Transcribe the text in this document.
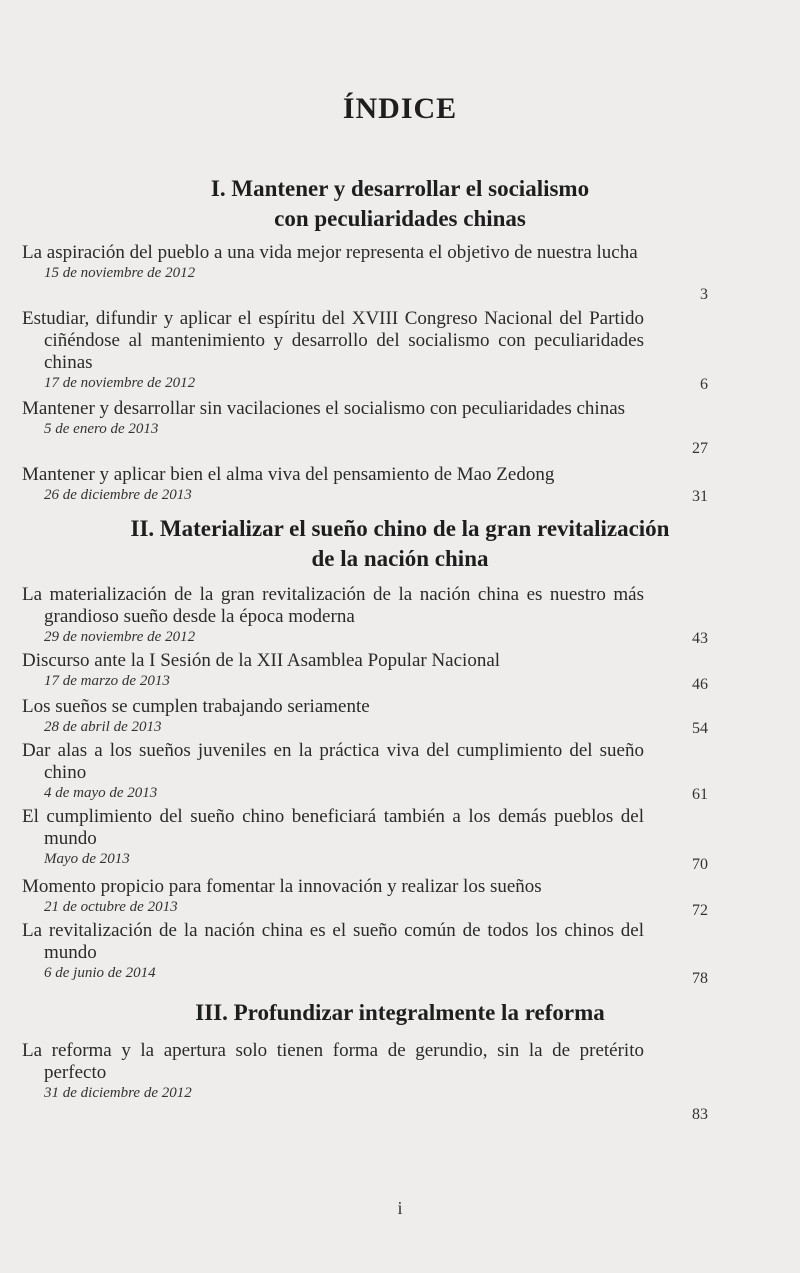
ÍNDICE
I. Mantener y desarrollar el socialismo
con peculiaridades chinas
La aspiración del pueblo a una vida mejor representa el objetivo de nuestra lucha
15 de noviembre de 2012
3
Estudiar, difundir y aplicar el espíritu del XVIII Congreso Nacional del Partido ciñéndose al mantenimiento y desarrollo del socialismo con peculiaridades chinas
17 de noviembre de 2012	6
Mantener y desarrollar sin vacilaciones el socialismo con peculiaridades chinas
5 de enero de 2013
27
Mantener y aplicar bien el alma viva del pensamiento de Mao Zedong
26 de diciembre de 2013	31
II. Materializar el sueño chino de la gran revitalización
de la nación china
La materialización de la gran revitalización de la nación china es nuestro más grandioso sueño desde la época moderna
29 de noviembre de 2012	43
Discurso ante la I Sesión de la XII Asamblea Popular Nacional
17 de marzo de 2013	46
Los sueños se cumplen trabajando seriamente
28 de abril de 2013	54
Dar alas a los sueños juveniles en la práctica viva del cumplimiento del sueño chino
4 de mayo de 2013	61
El cumplimiento del sueño chino beneficiará también a los demás pueblos del mundo
Mayo de 2013	70
Momento propicio para fomentar la innovación y realizar los sueños
21 de octubre de 2013	72
La revitalización de la nación china es el sueño común de todos los chinos del mundo
6 de junio de 2014	78
III. Profundizar integralmente la reforma
La reforma y la apertura solo tienen forma de gerundio, sin la de pretérito perfecto
31 de diciembre de 2012
83
i
